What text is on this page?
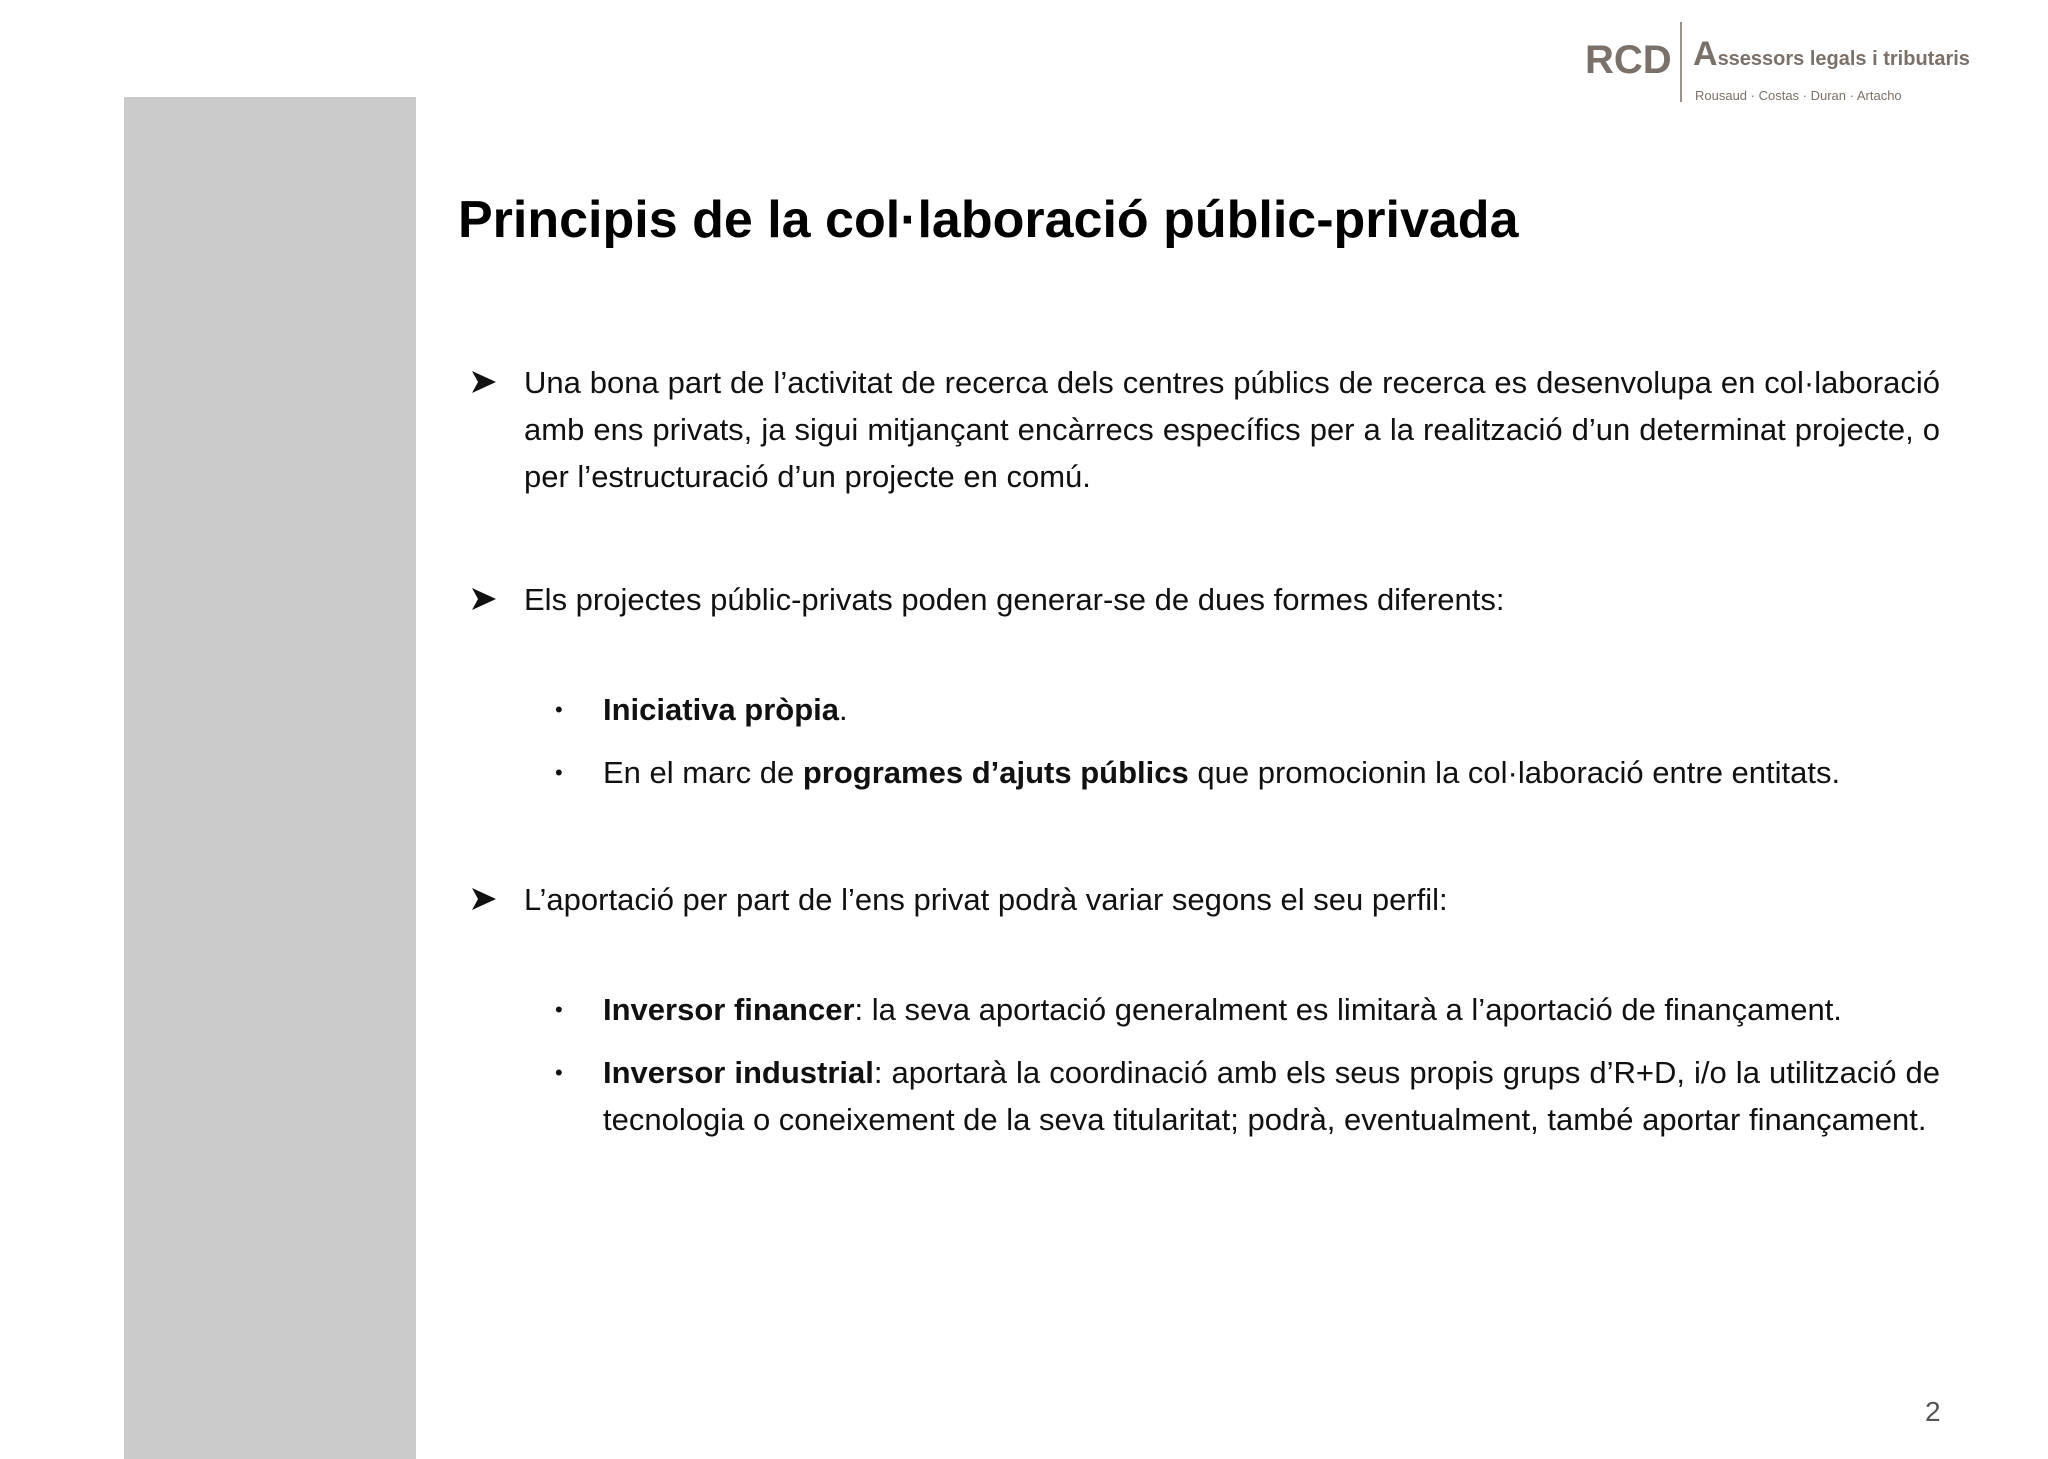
RCD Assessors legals i tributaris
Rousaud · Costas · Duran · Artacho
Principis de la col·laboració públic-privada
Una bona part de l’activitat de recerca dels centres públics de recerca es desenvolupa en col·laboració amb ens privats, ja sigui mitjançant encàrrecs específics per a la realització d’un determinat projecte, o per l’estructuració d’un projecte en comú.
Els projectes públic-privats poden generar-se de dues formes diferents:
•	Iniciativa pròpia.
•	En el marc de programes d’ajuts públics que promocionin la col·laboració entre entitats.
L’aportació per part de l’ens privat podrà variar segons el seu perfil:
•	Inversor financer: la seva aportació generalment es limitarà a l’aportació de finançament.
•	Inversor industrial: aportarà la coordinació amb els seus propis grups d’R+D, i/o la utilització de tecnologia o coneixement de la seva titularitat; podrà, eventualment, també aportar finançament.
2
